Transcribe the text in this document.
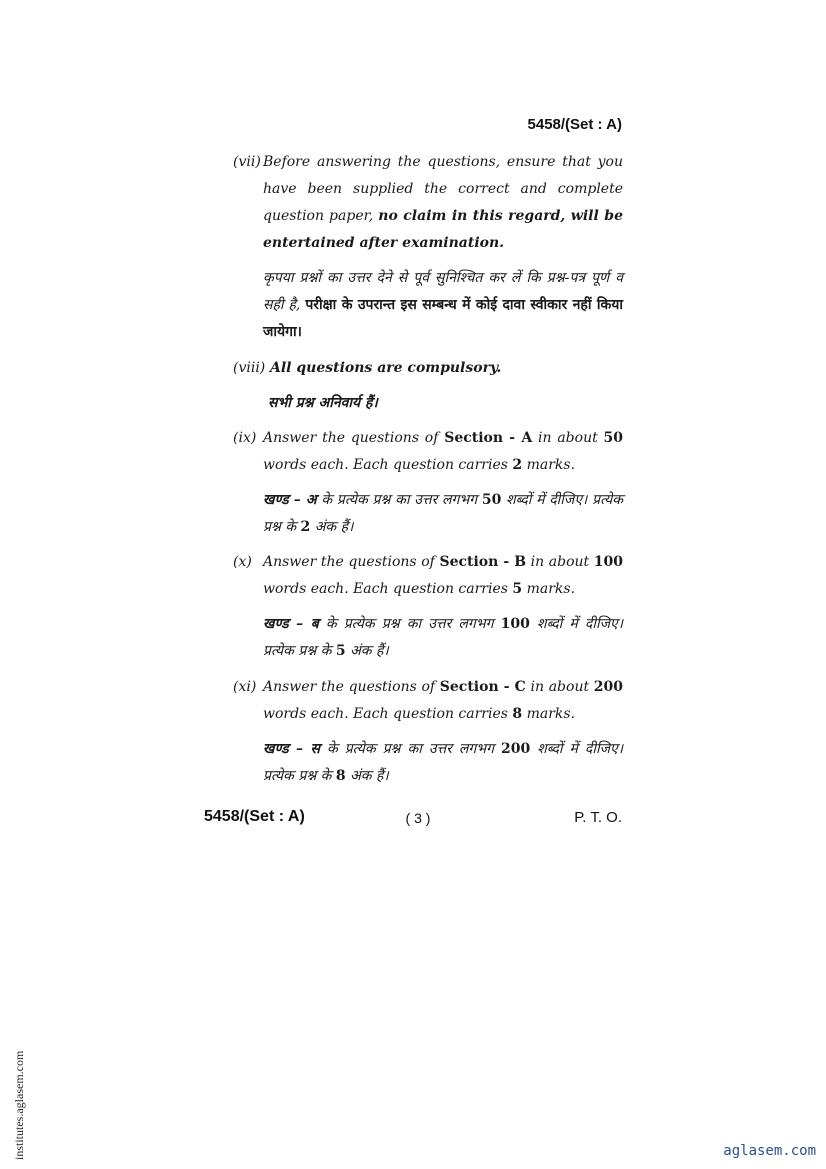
5458/(Set : A)
(vii) Before answering the questions, ensure that you have been supplied the correct and complete question paper, no claim in this regard, will be entertained after examination.
कृपया प्रश्नों का उत्तर देने से पूर्व सुनिश्चित कर लें कि प्रश्न-पत्र पूर्ण व सही है, परीक्षा के उपरान्त इस सम्बन्ध में कोई दावा स्वीकार नहीं किया जायेगा।
(viii) All questions are compulsory.
सभी प्रश्न अनिवार्य हैं।
(ix) Answer the questions of Section - A in about 50 words each. Each question carries 2 marks.
खण्ड – अ के प्रत्येक प्रश्न का उत्तर लगभग 50 शब्दों में दीजिए। प्रत्येक प्रश्न के 2 अंक हैं।
(x) Answer the questions of Section - B in about 100 words each. Each question carries 5 marks.
खण्ड – ब के प्रत्येक प्रश्न का उत्तर लगभग 100 शब्दों में दीजिए। प्रत्येक प्रश्न के 5 अंक हैं।
(xi) Answer the questions of Section - C in about 200 words each. Each question carries 8 marks.
खण्ड – स के प्रत्येक प्रश्न का उत्तर लगभग 200 शब्दों में दीजिए। प्रत्येक प्रश्न के 8 अंक हैं।
5458/(Set : A)	( 3 )	P. T. O.
institutes.aglasem.com	aglasem.com
